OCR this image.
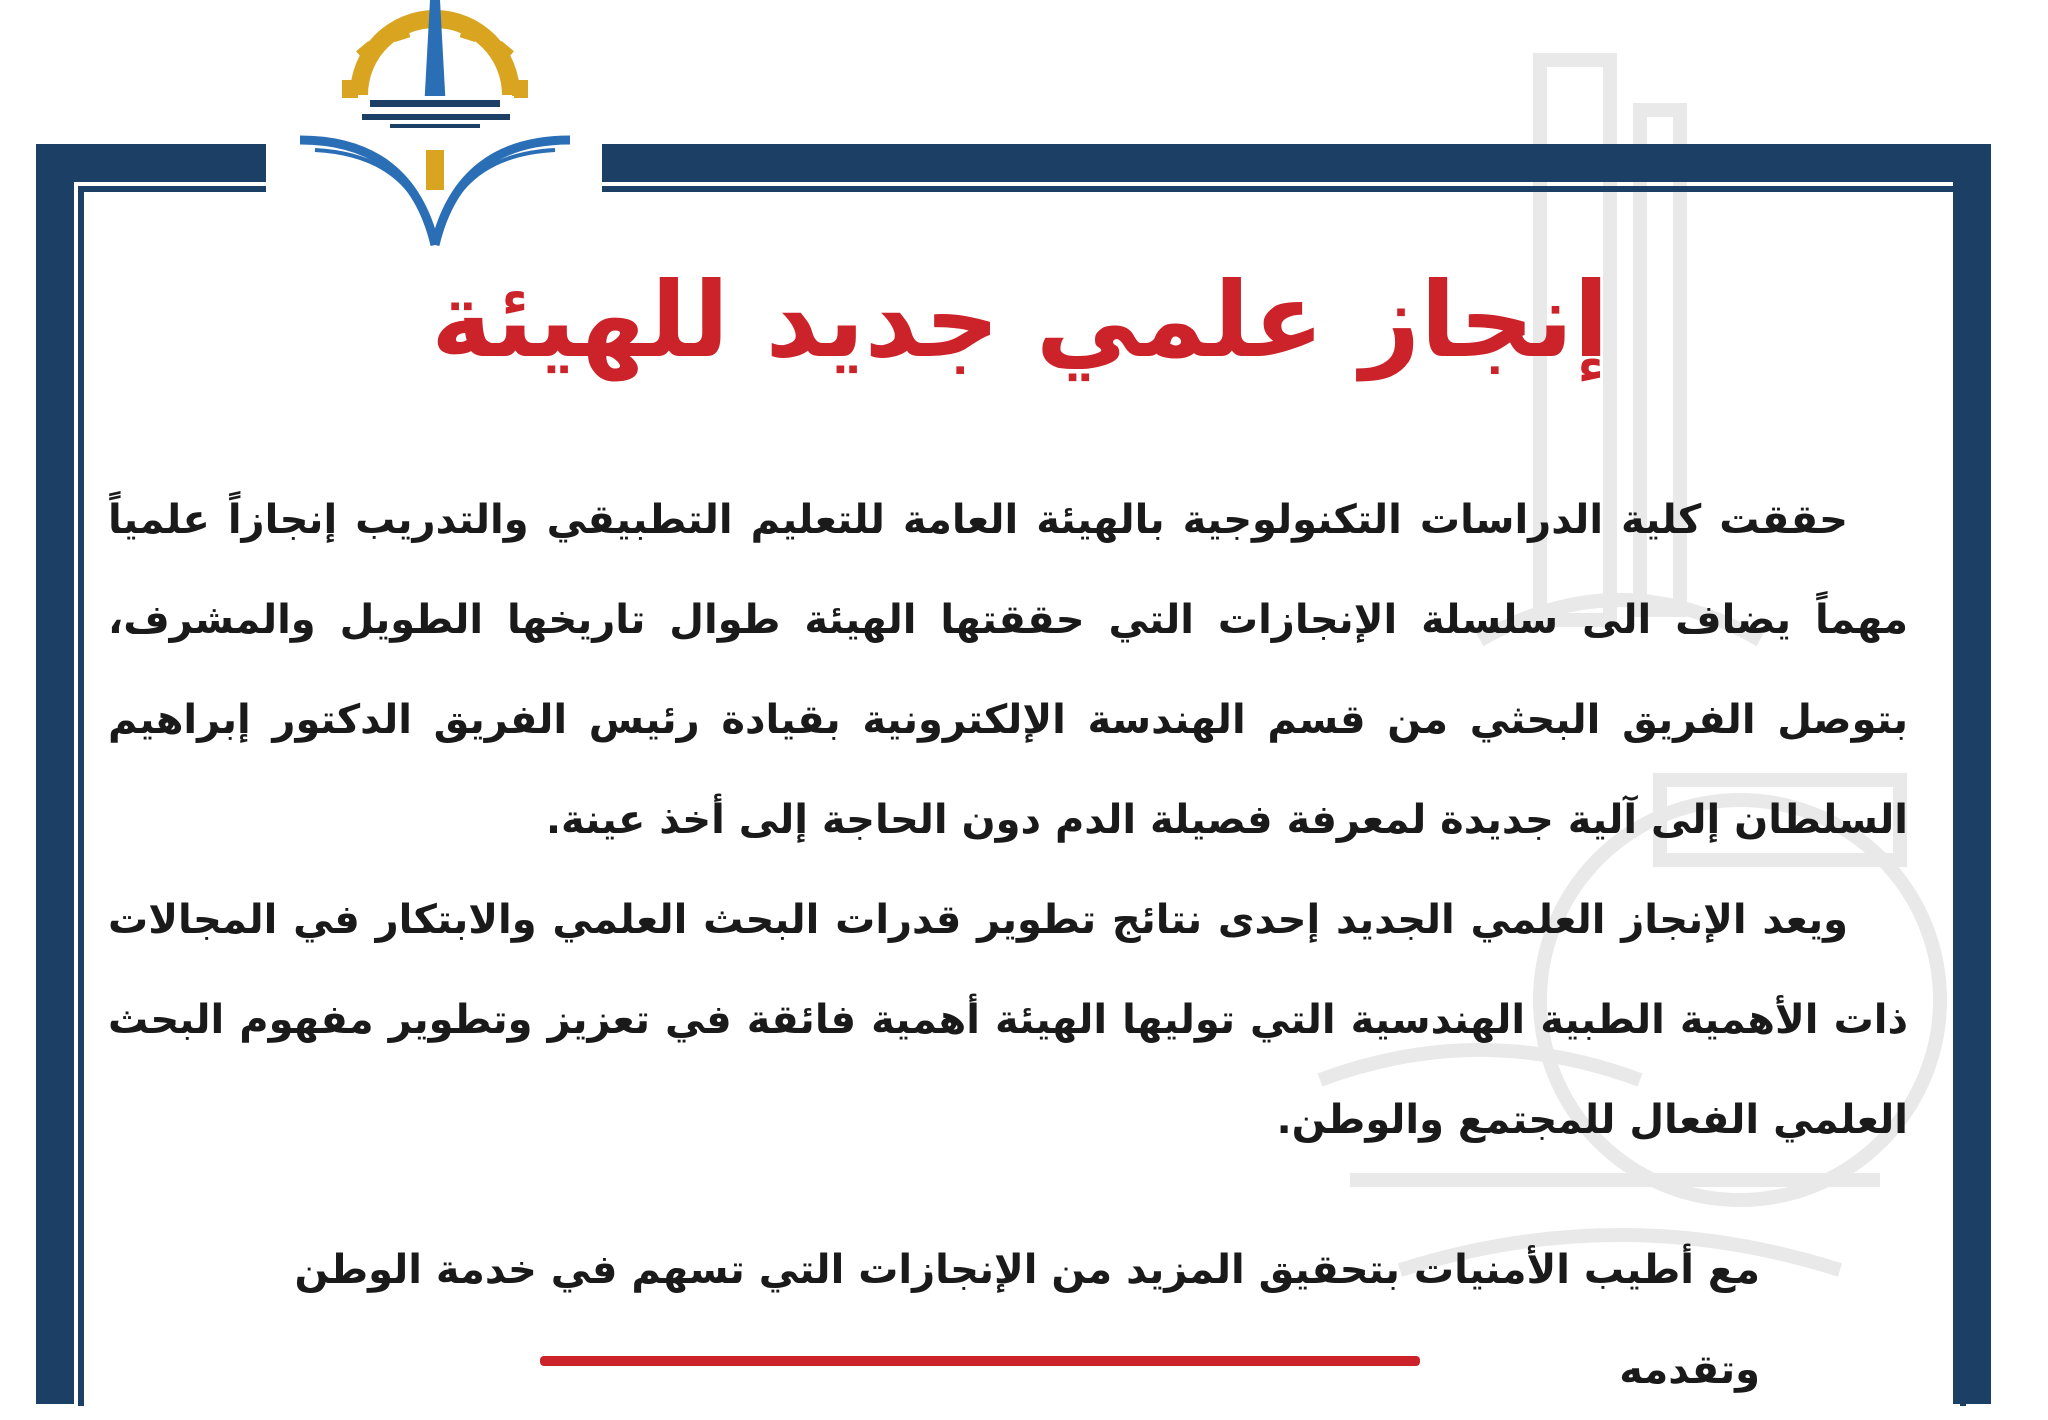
إنجاز علمي جديد للهيئة

حققت كلية الدراسات التكنولوجية بالهيئة العامة للتعليم التطبيقي والتدريب إنجازاً علمياً مهماً يضاف الى سلسلة الإنجازات التي حققتها الهيئة طوال تاريخها الطويل والمشرف، بتوصل الفريق البحثي من قسم الهندسة الإلكترونية بقيادة رئيس الفريق الدكتور إبراهيم السلطان إلى آلية جديدة لمعرفة فصيلة الدم دون الحاجة إلى أخذ عينة.

ويعد الإنجاز العلمي الجديد إحدى نتائج تطوير قدرات البحث العلمي والابتكار في المجالات ذات الأهمية الطبية الهندسية التي توليها الهيئة أهمية فائقة في تعزيز وتطوير مفهوم البحث العلمي الفعال للمجتمع والوطن.

مع أطيب الأمنيات بتحقيق المزيد من الإنجازات التي تسهم في خدمة الوطن وتقدمه
